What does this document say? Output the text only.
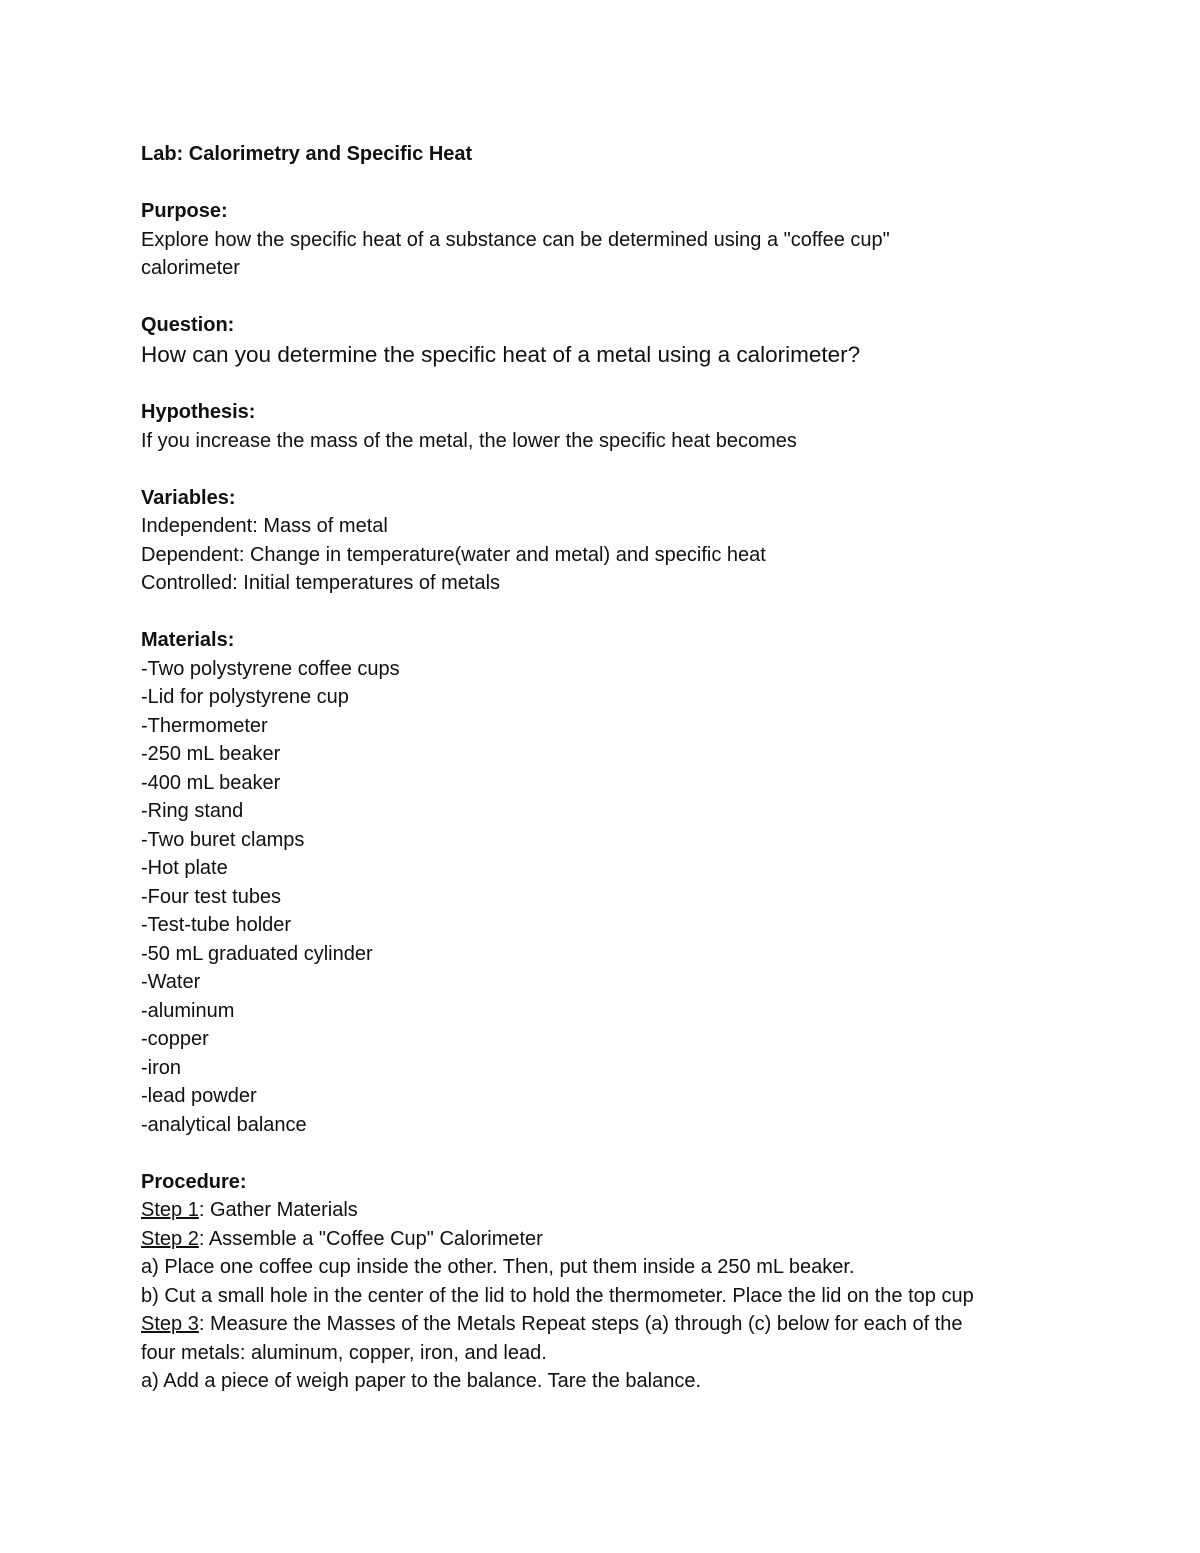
Lab: Calorimetry and Specific Heat
Purpose:
Explore how the specific heat of a substance can be determined using a "coffee cup"
calorimeter
Question:
How can you determine the specific heat of a metal using a calorimeter?
Hypothesis:
If you increase the mass of the metal, the lower the specific heat becomes
Variables:
Independent: Mass of metal
Dependent: Change in temperature(water and metal) and specific heat
Controlled: Initial temperatures of metals
Materials:
-Two polystyrene coffee cups
-Lid for polystyrene cup
-Thermometer
-250 mL beaker
-400 mL beaker
-Ring stand
-Two buret clamps
-Hot plate
-Four test tubes
-Test-tube holder
-50 mL graduated cylinder
-Water
-aluminum
-copper
-iron
-lead powder
-analytical balance
Procedure:
Step 1: Gather Materials
Step 2: Assemble a "Coffee Cup" Calorimeter
a) Place one coffee cup inside the other. Then, put them inside a 250 mL beaker.
b) Cut a small hole in the center of the lid to hold the thermometer. Place the lid on the top cup
Step 3: Measure the Masses of the Metals Repeat steps (a) through (c) below for each of the
four metals: aluminum, copper, iron, and lead.
a) Add a piece of weigh paper to the balance. Tare the balance.
